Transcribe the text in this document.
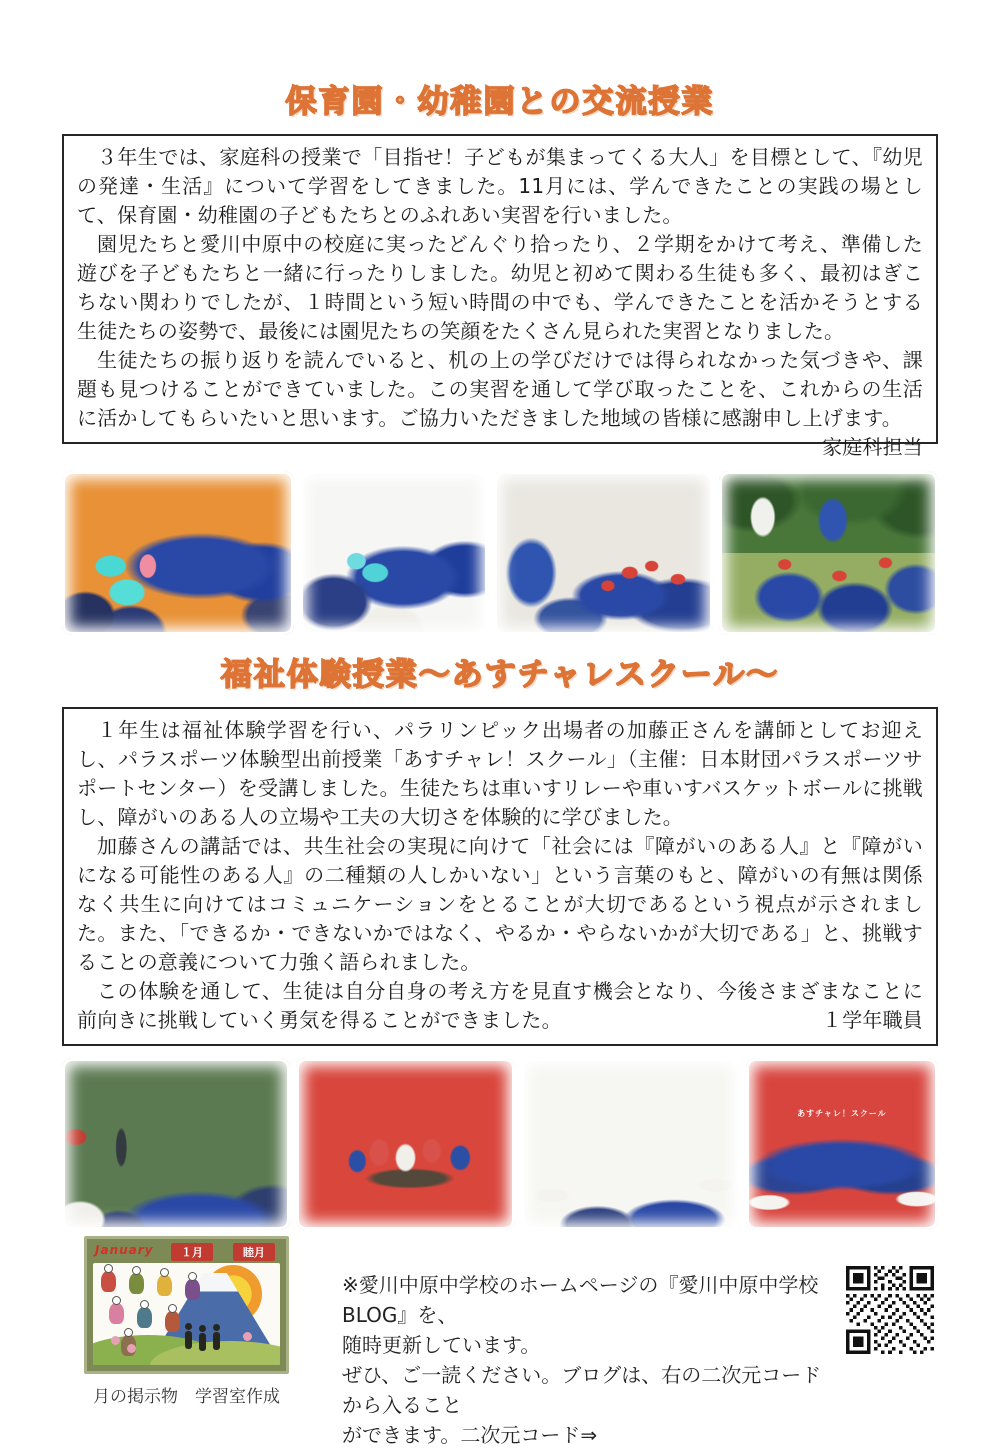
保育園・幼稚園との交流授業

３年生では、家庭科の授業で「目指せ！子どもが集まってくる大人」を目標として、『幼児の発達・生活』について学習をしてきました。11月には、学んできたことの実践の場として、保育園・幼稚園の子どもたちとのふれあい実習を行いました。

園児たちと愛川中原中の校庭に実ったどんぐり拾ったり、２学期をかけて考え、準備した遊びを子どもたちと一緒に行ったりしました。幼児と初めて関わる生徒も多く、最初はぎこちない関わりでしたが、１時間という短い時間の中でも、学んできたことを活かそうとする生徒たちの姿勢で、最後には園児たちの笑顔をたくさん見られた実習となりました。

生徒たちの振り返りを読んでいると、机の上の学びだけでは得られなかった気づきや、課題も見つけることができていました。この実習を通して学び取ったことを、これからの生活に活かしてもらいたいと思います。ご協力いただきました地域の皆様に感謝申し上げます。
家庭科担当

福祉体験授業～あすチャレスクール～

１年生は福祉体験学習を行い、パラリンピック出場者の加藤正さんを講師としてお迎えし、パラスポーツ体験型出前授業「あすチャレ！スクール」（主催：日本財団パラスポーツサポートセンター）を受講しました。生徒たちは車いすリレーや車いすバスケットボールに挑戦し、障がいのある人の立場や工夫の大切さを体験的に学びました。

加藤さんの講話では、共生社会の実現に向けて「社会には『障がいのある人』と『障がいになる可能性のある人』の二種類の人しかいない」という言葉のもと、障がいの有無は関係なく共生に向けてはコミュニケーションをとることが大切であるという視点が示されました。また、「できるか・できないかではなく、やるか・やらないかが大切である」と、挑戦することの意義について力強く語られました。

この体験を通して、生徒は自分自身の考え方を見直す機会となり、今後さまざまなことに前向きに挑戦していく勇気を得ることができました。	１学年職員

あすチャレ！スクール
January	１月	睦月
月の掲示物　学習室作成
※愛川中原中学校のホームページの『愛川中原中学校 BLOG』を、
随時更新しています。
ぜひ、ご一読ください。ブログは、右の二次元コードから入ること
ができます。二次元コード⇒
